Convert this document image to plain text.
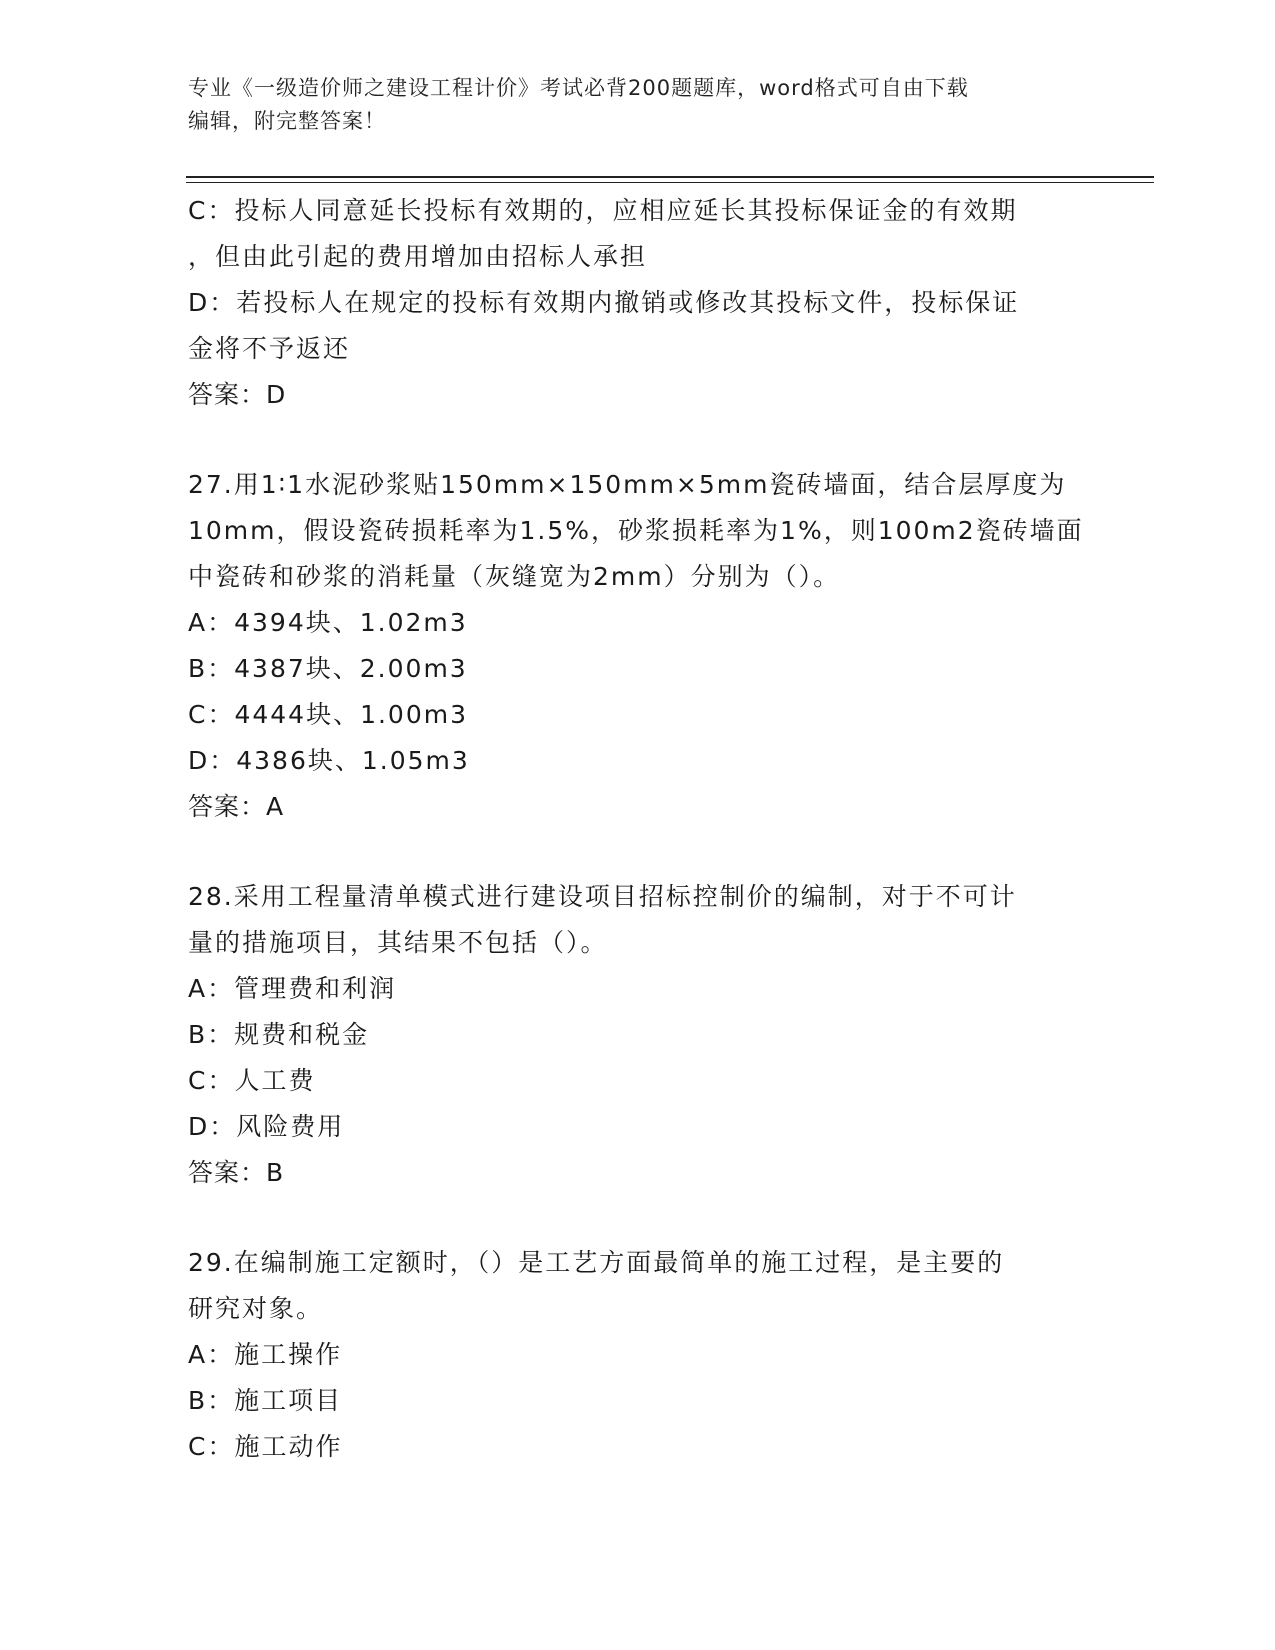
专业《一级造价师之建设工程计价》考试必背200题题库，word格式可自由下载
编辑，附完整答案！
C：投标人同意延长投标有效期的，应相应延长其投标保证金的有效期
，但由此引起的费用增加由招标人承担
D：若投标人在规定的投标有效期内撤销或修改其投标文件，投标保证
金将不予返还
答案：D
27.用1∶1水泥砂浆贴150mm×150mm×5mm瓷砖墙面，结合层厚度为
10mm，假设瓷砖损耗率为1.5%，砂浆损耗率为1%，则100m2瓷砖墙面
中瓷砖和砂浆的消耗量（灰缝宽为2mm）分别为（）。
A：4394块、1.02m3
B：4387块、2.00m3
C：4444块、1.00m3
D：4386块、1.05m3
答案：A
28.采用工程量清单模式进行建设项目招标控制价的编制，对于不可计
量的措施项目，其结果不包括（）。
A：管理费和利润
B：规费和税金
C：人工费
D：风险费用
答案：B
29.在编制施工定额时，（）是工艺方面最简单的施工过程，是主要的
研究对象。
A：施工操作
B：施工项目
C：施工动作
